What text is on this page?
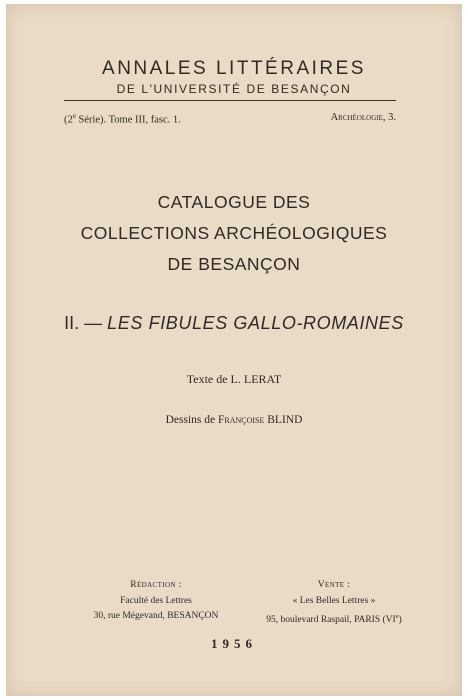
ANNALES LITTÉRAIRES
DE L'UNIVERSITÉ DE BESANÇON
(2e Série). Tome III, fasc. 1.	Archéologie, 3.
CATALOGUE DES
COLLECTIONS ARCHÉOLOGIQUES
DE BESANÇON
II. — LES FIBULES GALLO-ROMAINES
Texte de L. LERAT
Dessins de Françoise BLIND
Rédaction :
Faculté des Lettres
30, rue Mégevand, BESANÇON
Vente :
« Les Belles Lettres »
95, boulevard Raspail, PARIS (VIe)
1956
